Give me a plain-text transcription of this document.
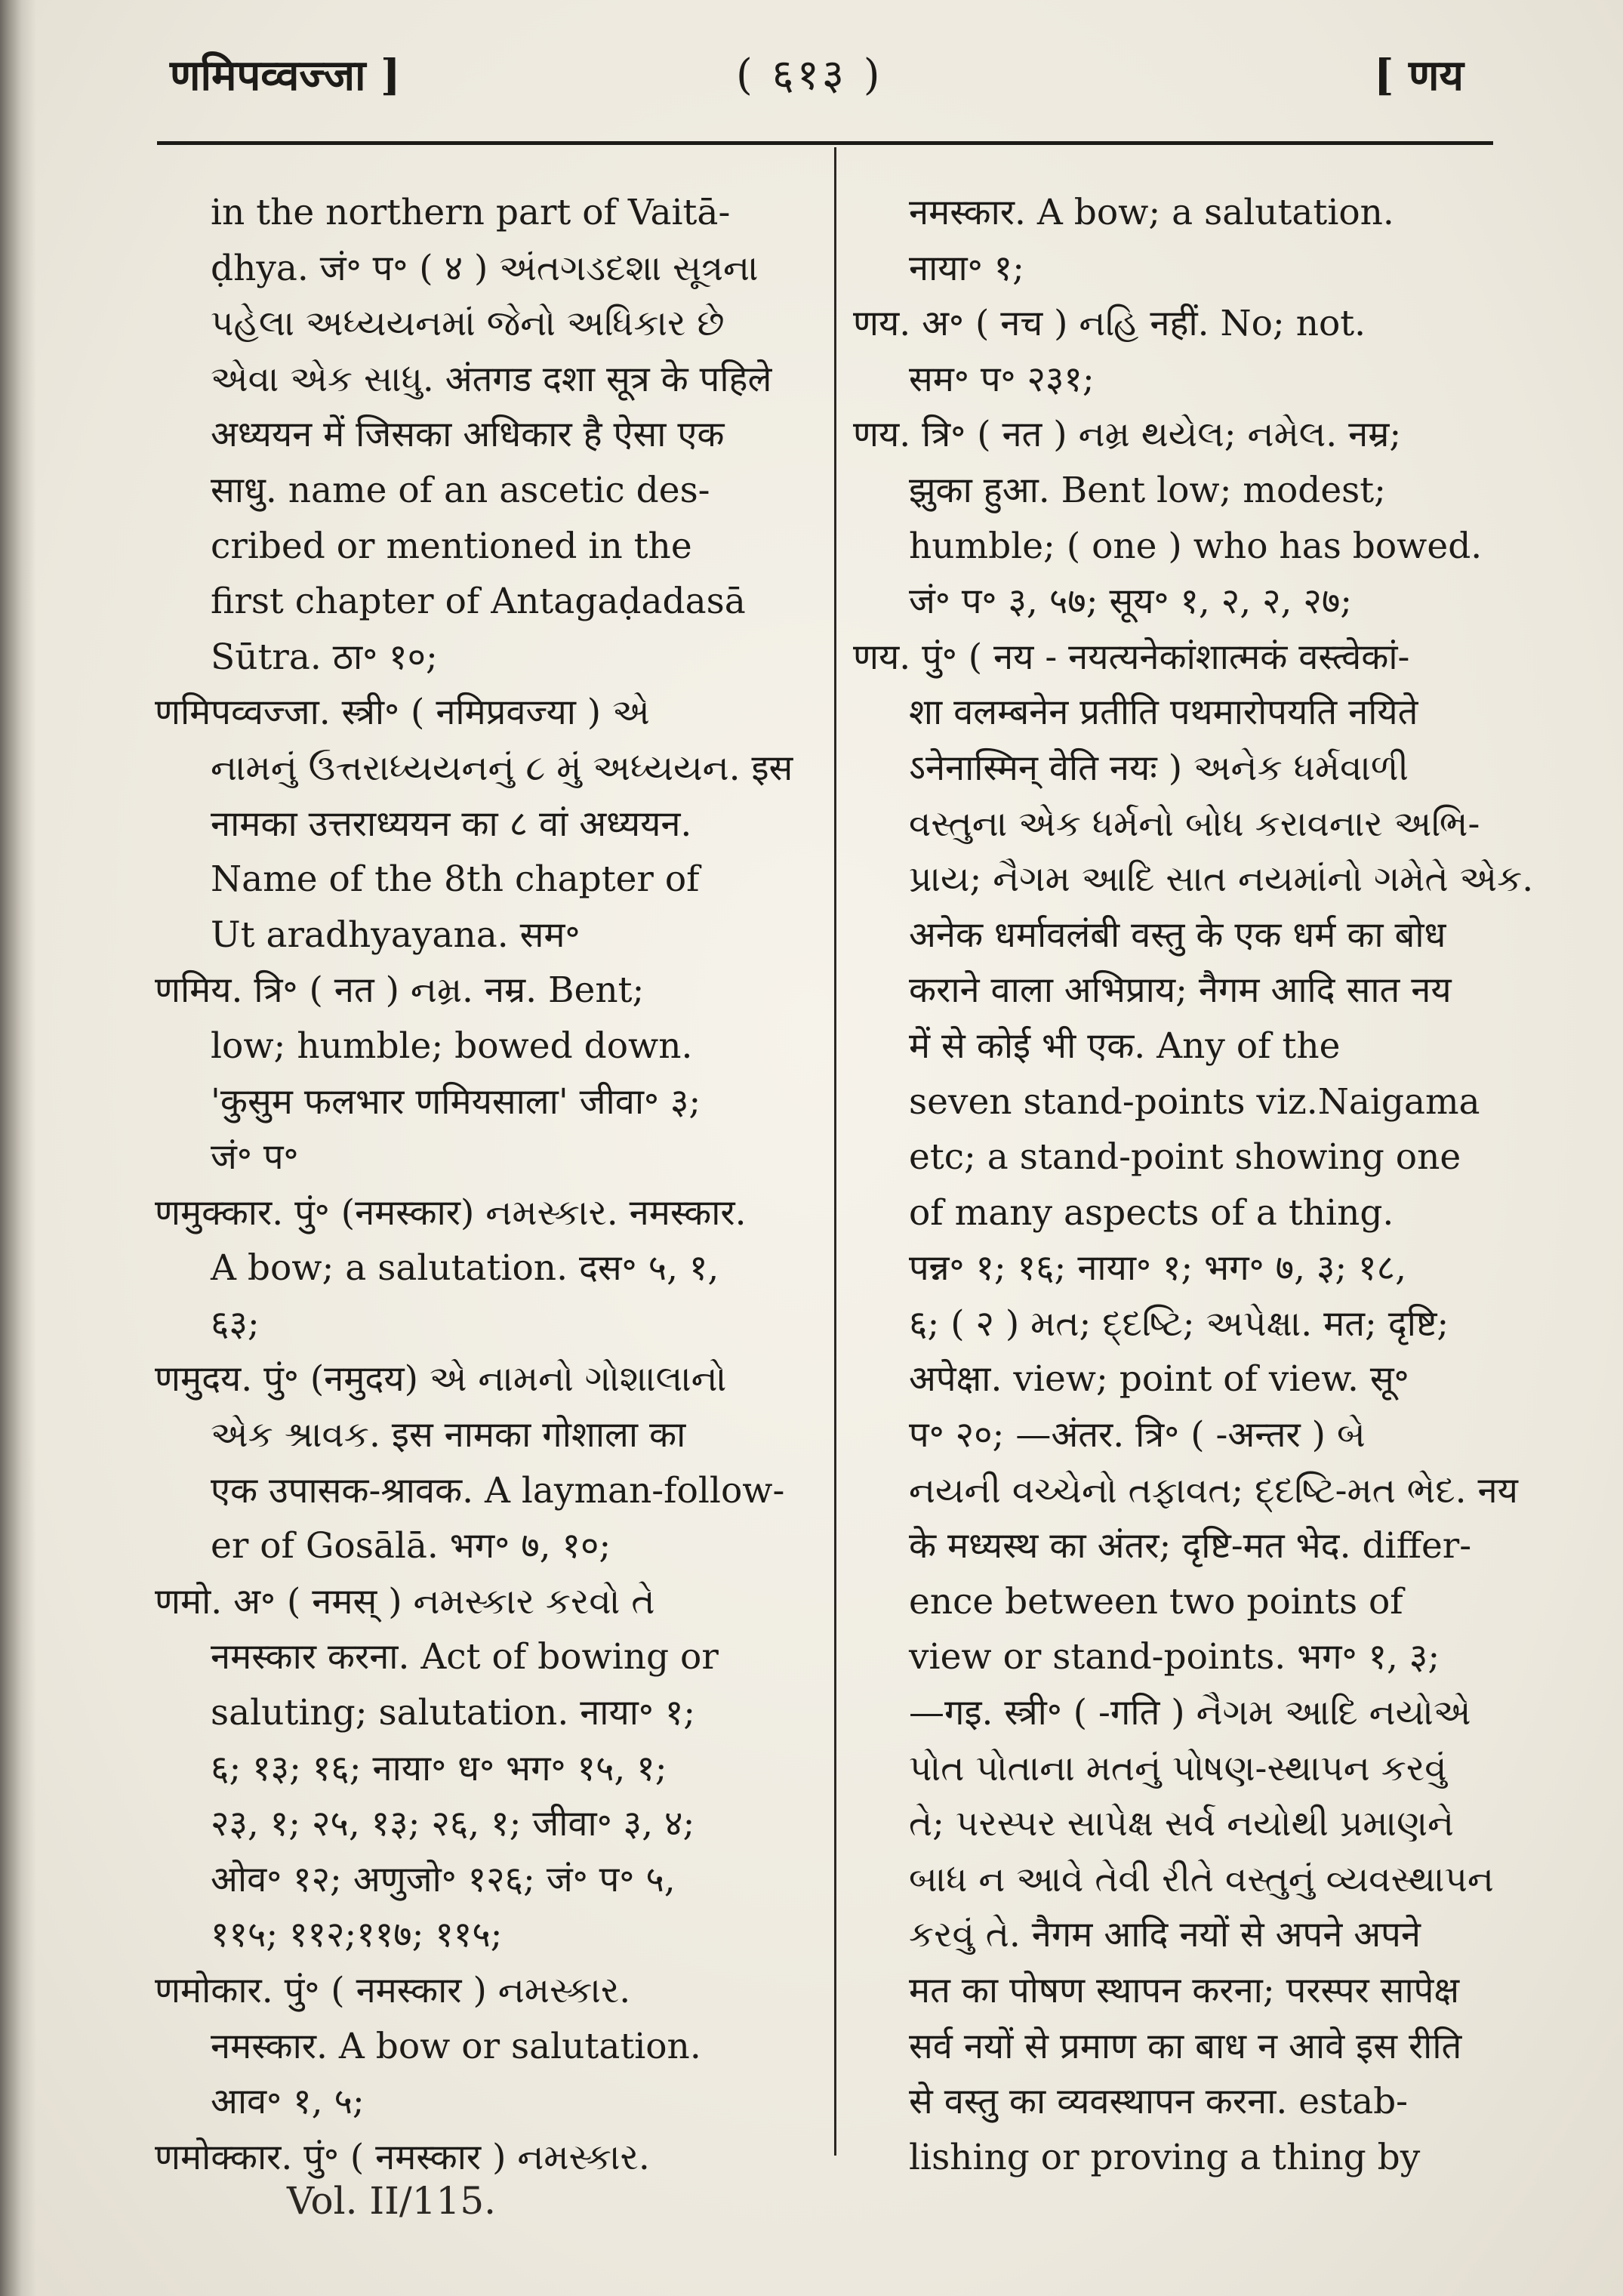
णमिपव्वज्जा ]	( ६१३ )	[ णय
in the northern part of Vaitā-
ḍhya. जं॰ प॰ ( ४ ) અંતગડદશા સૂત્રના
પહેલા અધ્યયનમાં જેનો અધિકાર છે
એવા એક સાધુ. अंतगड दशा सूत्र के पहिले
अध्ययन में जिसका अधिकार है ऐसा एक
साधु. name of an ascetic des-
cribed or mentioned in the
first chapter of Antagaḍadasā
Sūtra. ठा॰ १०;
णमिपव्वज्जा. स्त्री॰ ( नमिप्रवज्या ) એ
નામનું ઉત્તરાધ્યયનનું ૮ મું અધ્યયન. इस
नामका उत्तराध्ययन का ८ वां अध्ययन.
Name of the 8th chapter of
Ut aradhyayana. सम॰
णमिय. त्रि॰ ( नत ) નમ્ર. नम्र. Bent;
low; humble; bowed down.
'कुसुम फलभार णमियसाला' जीवा॰ ३;
जं॰ प॰
णमुक्कार. पुं॰ (नमस्कार) નમસ્કાર. नमस्कार.
A bow; a salutation. दस॰ ५, १,
६३;
णमुदय. पुं॰ (नमुदय) એ નામનો ગોશાલાનો
એક શ્રાવક. इस नामका गोशाला का
एक उपासक-श्रावक. A layman-follow-
er of Gosālā. भग॰ ७, १०;
णमो. अ॰ ( नमस् ) નમસ્કાર કરવો તે
नमस्कार करना. Act of bowing or
saluting; salutation. नाया॰ १;
६; १३; १६; नाया॰ ध॰ भग॰ १५, १;
२३, १; २५, १३; २६, १; जीवा॰ ३, ४;
ओव॰ १२; अणुजो॰ १२६; जं॰ प॰ ५,
११५; ११२;११७; ११५;
णमोकार. पुं॰ ( नमस्कार ) નમસ્કાર.
नमस्कार. A bow or salutation.
आव॰ १, ५;
णमोक्कार. पुं॰ ( नमस्कार ) નમસ્કાર.
नमस्कार. A bow; a salutation.
नाया॰ १;
णय. अ॰ ( नच ) નહિ नहीं. No; not.
सम॰ प॰ २३१;
णय. त्रि॰ ( नत ) નમ્ર થયેલ; નમેલ. नम्र;
झुका हुआ. Bent low; modest;
humble; ( one ) who has bowed.
जं॰ प॰ ३, ५७; सूय॰ १, २, २, २७;
णय. पुं॰ ( नय - नयत्यनेकांशात्मकं वस्त्वेकां-
शा वलम्बनेन प्रतीति पथमारोपयति नयिते
ऽनेनास्मिन् वेति नयः ) અનેક ધર્મવાળી
વસ્તુના એક ધર્મનો બોધ કરાવનાર અભિ-
પ્રાય; નૈગમ આદિ સાત નયમાંનો ગમેતે એક.
अनेक धर्मावलंबी वस्तु के एक धर्म का बोध
कराने वाला अभिप्राय; नैगम आदि सात नय
में से कोई भी एक. Any of the
seven stand-points viz.Naigama
etc; a stand-point showing one
of many aspects of a thing.
पन्न॰ १; १६; नाया॰ १; भग॰ ७, ३; १८,
६; ( २ ) મત; દ્દષ્ટિ; અપેક્ષા. मत; दृष्टि;
अपेक्षा. view; point of view. सू॰
प॰ २०; —अंतर. त्रि॰ ( -अन्तर ) બે
નયની વચ્ચેનો તફાવત; દ્દષ્ટિ-મત ભેદ. नय
के मध्यस्थ का अंतर; दृष्टि-मत भेद. differ-
ence between two points of
view or stand-points. भग॰ १, ३;
—गइ. स्त्री॰ ( -गति ) નૈગમ આદિ નયોએ
પોત પોતાના મતનું પોષણ-સ્થાપન કરવું
તે; પરસ્પર સાપેક્ષ સર્વ નયોથી પ્રમાણને
બાધ ન આવે તેવી રીતે વસ્તુનું વ્યવસ્થાપન
કરવું તે. नैगम आदि नयों से अपने अपने
मत का पोषण स्थापन करना; परस्पर सापेक्ष
सर्व नयों से प्रमाण का बाध न आवे इस रीति
से वस्तु का व्यवस्थापन करना. estab-
lishing or proving a thing by
Vol. II/115.
